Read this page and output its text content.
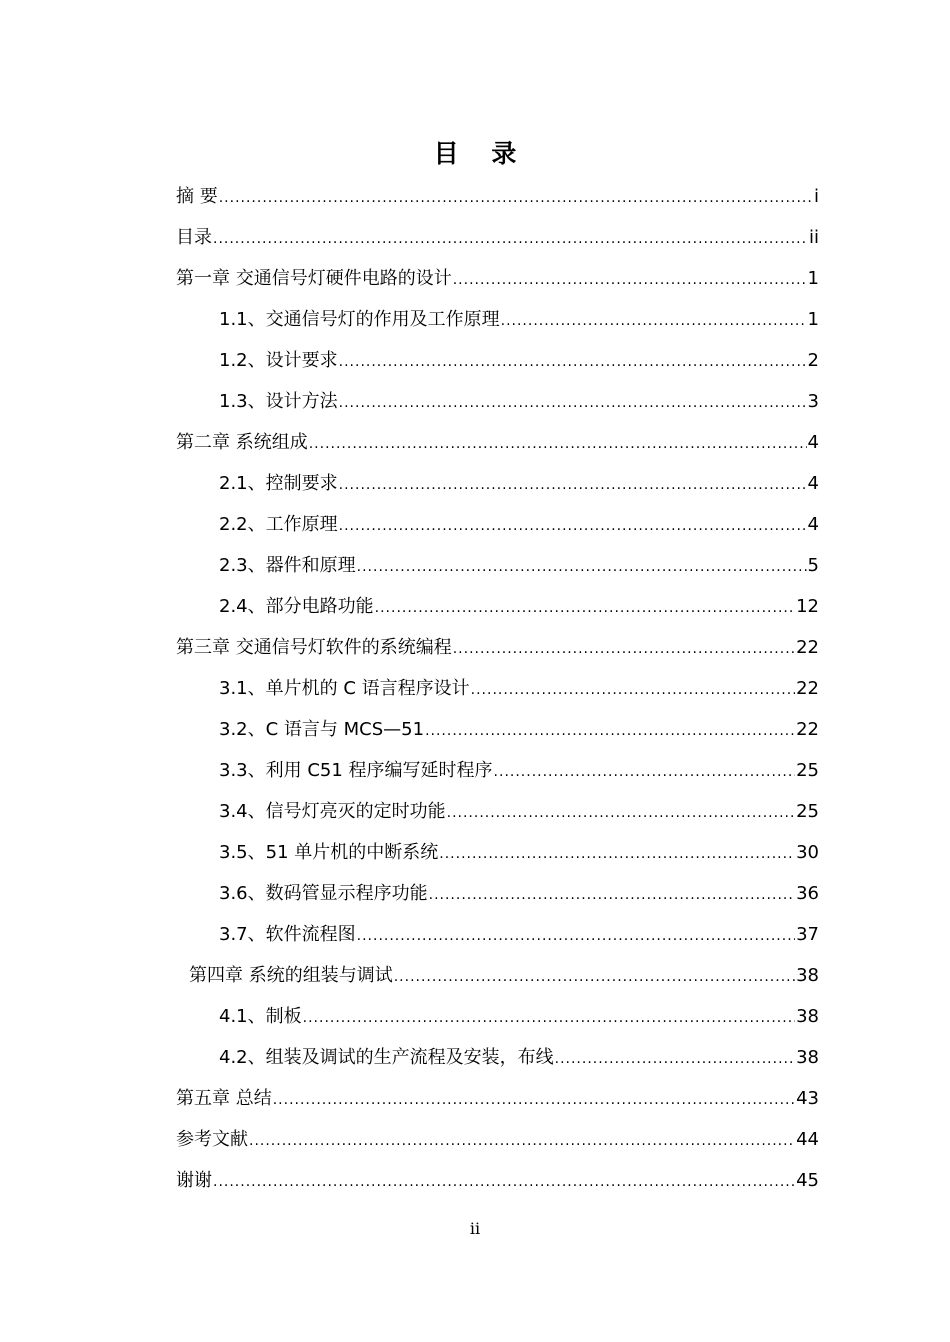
目 录
摘 要 .....	i
目录 .....	ii
第一章 交通信号灯硬件电路的设计 .....	1
1.1、交通信号灯的作用及工作原理 .....	1
1.2、设计要求 .....	2
1.3、设计方法 .....	3
第二章 系统组成 .....	4
2.1、控制要求 .....	4
2.2、工作原理 .....	4
2.3、器件和原理 .....	5
2.4、部分电路功能 .....	12
第三章 交通信号灯软件的系统编程 .....	22
3.1、单片机的 C 语言程序设计 .....	22
3.2、C 语言与 MCS—51 .....	22
3.3、利用 C51 程序编写延时程序 .....	25
3.4、信号灯亮灭的定时功能 .....	25
3.5、51 单片机的中断系统 .....	30
3.6、数码管显示程序功能 .....	36
3.7、软件流程图 .....	37
第四章 系统的组装与调试 .....	38
4.1、制板 .....	38
4.2、组装及调试的生产流程及安装，布线 .....	38
第五章 总结 .....	43
参考文献 .....	44
谢谢 .....	45
ii
